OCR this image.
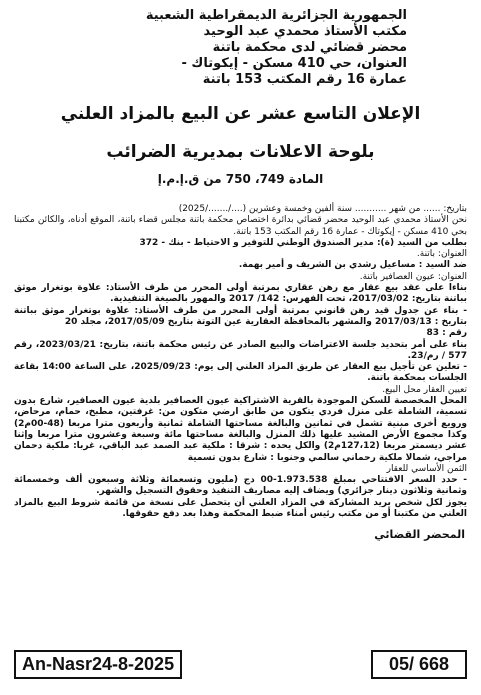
الجمهورية الجزائرية الديمقراطية الشعبية
مكتب الأستاذ محمدي عبد الوحيد
محضر قضائي لدى محكمة باتنة
العنوان، حي 410 مسكن - إيكوتاك -
عمارة 16 رقم المكتب 153 باتنة
الإعلان التاسع عشر عن البيع بالمزاد العلني
بلوحة الاعلانات بمديرية الضرائب
المادة 749، 750 من ق.إ.م.إ

بتاريخ: ...... من شهر ........... سنة ألفين وخمسة وعشرين (..../......./2025)

نحن الأستاذ محمدي عبد الوحيد محضر قضائي بدائرة اختصاص محكمة باتنة مجلس قضاء باتنة، الموقع أدناه، والكائن مكتبنا بحي 410 مسكن - إيكوتاك - عمارة 16 رقم المكتب 153 باتنة.

بطلب من السيد (ة): مدير الصندوق الوطني للتوفير و الاحتياط - بنك - 372

العنوان: باتنة.

ضد السيد : مساعيل رشدي بن الشريف و أمير بهمة.

العنوان: عيون العصافير باتنة.

بناءا على عقد بيع عقار مع رهن عقاري بمرتبة أولى المحرر من طرف الأستاذ: علاوة بوتغرار موثق بباتنة بتاريخ: 2017/03/02، تحت الفهرس: 142/ 2017 والمهور بالصيغة التنفيذية.

- بناء عن جدول قيد رهن قانوني بمرتبة أولى المحرر من طرف الأستاذ: علاوة بوتغرار موثق بباتنة بتاريخ : 2017/03/13 والمشهر بالمحافظة العقارية عين التوتة بتاريخ 2017/05/09، مجلد 20

رقم : 83

بناء على أمر بتحديد جلسة الاعتراضات والبيع الصادر عن رئيس محكمة باتنة، بتاريخ: 2023/03/21، رقم 577 / رم/23.

- تعلين عن تأجيل بيع العقار عن طريق المزاد العلني إلى يوم: 2025/09/23، على الساعة 14:00 بقاعة الجلسات بمحكمة باتنة.

تعيين العقار محل البيع.

المحل المخصصة للسكن الموجودة بالقرية الاشتراكية عيون العصافير بلدية عيون العصافير، شارع بدون تسمية، الشاملة على منزل فردي يتكون من طابق ارضي متكون من: غرفتين، مطبخ، حمام، مرحاض، ورويع أخرى مبنية تشمل في ثمانين والبالغة مساحتها الشاملة ثمانية وأربعون مترا مربعا (48-00م2) وكذا مجموع الأرض المشيد عليها ذلك المنزل والبالغة مساحتها مائة وسبعة وعشرون مترا مربعا وإثنا عشر ديسمتر مربعا (127،12م2) والكل يحده : شرقا : ملكية عبد الصمد عبد الباقي، غربا: ملكية دحمان مراجي، شمالا ملكية رحماني سالمي وجنوبا : شارع بدون تسمية

الثمن الأساسي للعقار

- حدد السعر الافتتاحي بمبلغ 1.973.538-00 دج (مليون وتسعمائة وثلاثة وسبعون ألف وخمسمائة وثمانية وثلاثون دينار جزائري) ويضاف إليه مصاريف التنفيذ وحقوق التسجيل والشهر.

يجوز لكل شخص يريد المشاركة في المزاد العلني أن يتحصل على نسخة من قائمة شروط البيع بالمزاد العلني من مكتبنا أو من مكتب رئيس أمناء ضبط المحكمة وهذا بعد دفع حقوقها.

المحضر القضائي
An-Nasr24-8-2025	05/ 668
